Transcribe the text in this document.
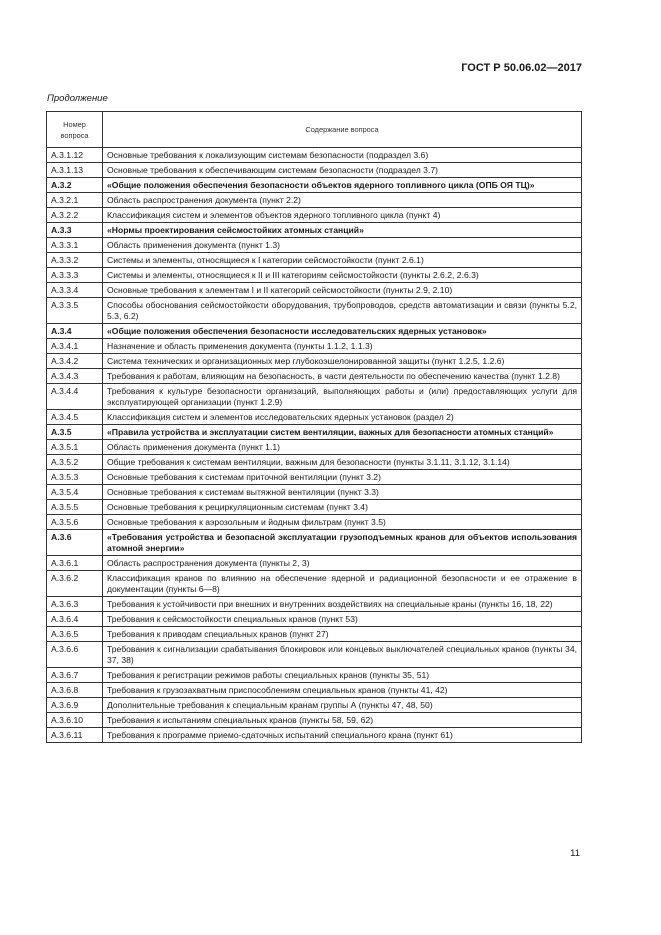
ГОСТ Р 50.06.02—2017
Продолжение
Номер вопроса	Содержание вопроса
А.3.1.12	Основные требования к локализующим системам безопасности (подраздел 3.6)
А.3.1.13	Основные требования к обеспечивающим системам безопасности (подраздел 3.7)
А.3.2	«Общие положения обеспечения безопасности объектов ядерного топливного цикла (ОПБ ОЯ ТЦ)»
А.3.2.1	Область распространения документа (пункт 2.2)
А.3.2.2	Классификация систем и элементов объектов ядерного топливного цикла (пункт 4)
А.3.3	«Нормы проектирования сейсмостойких атомных станций»
А.3.3.1	Область применения документа (пункт 1.3)
А.3.3.2	Системы и элементы, относящиеся к I категории сейсмостойкости (пункт 2.6.1)
А.3.3.3	Системы и элементы, относящиеся к II и III категориям сейсмостойкости (пункты 2.6.2, 2.6.3)
А.3.3.4	Основные требования к элементам I и II категорий сейсмостойкости (пункты 2.9, 2.10)
А.3.3.5	Способы обоснования сейсмостойкости оборудования, трубопроводов, средств автоматизации и связи (пункты 5.2, 5.3, 6.2)
А.3.4	«Общие положения обеспечения безопасности исследовательских ядерных установок»
А.3.4.1	Назначение и область применения документа (пункты 1.1.2, 1.1.3)
А.3.4.2	Система технических и организационных мер глубокоэшелонированной защиты (пункт 1.2.5, 1.2.6)
А.3.4.3	Требования к работам, влияющим на безопасность, в части деятельности по обеспечению качества (пункт 1.2.8)
А.3.4.4	Требования к культуре безопасности организаций, выполняющих работы и (или) предоставляющих услуги для эксплуатирующей организации (пункт 1.2.9)
А.3.4.5	Классификация систем и элементов исследовательских ядерных установок (раздел 2)
А.3.5	«Правила устройства и эксплуатации систем вентиляции, важных для безопасности атомных станций»
А.3.5.1	Область применения документа (пункт 1.1)
А.3.5.2	Общие требования к системам вентиляции, важным для безопасности (пункты 3.1.11, 3.1.12, 3.1.14)
А.3.5.3	Основные требования к системам приточной вентиляции (пункт 3.2)
А.3.5.4	Основные требования к системам вытяжной вентиляции (пункт 3.3)
А.3.5.5	Основные требования к рециркуляционным системам (пункт 3.4)
А.3.5.6	Основные требования к аэрозольным и йодным фильтрам (пункт 3.5)
А.3.6	«Требования устройства и безопасной эксплуатации грузоподъемных кранов для объектов использования атомной энергии»
А.3.6.1	Область распространения документа (пункты 2, 3)
А.3.6.2	Классификация кранов по влиянию на обеспечение ядерной и радиационной безопасности и ее отражение в документации (пункты 6—8)
А.3.6.3	Требования к устойчивости при внешних и внутренних воздействиях на специальные краны (пункты 16, 18, 22)
А.3.6.4	Требования к сейсмостойкости специальных кранов (пункт 53)
А.3.6.5	Требования к приводам специальных кранов (пункт 27)
А.3.6.6	Требования к сигнализации срабатывания блокировок или концевых выключателей специальных кранов (пункты 34, 37, 38)
А.3.6.7	Требования к регистрации режимов работы специальных кранов (пункты 35, 51)
А.3.6.8	Требования к грузозахватным приспособлениям специальных кранов (пункты 41, 42)
А.3.6.9	Дополнительные требования к специальным кранам группы А (пункты 47, 48, 50)
А.3.6.10	Требования к испытаниям специальных кранов (пункты 58, 59, 62)
А.3.6.11	Требования к программе приемо-сдаточных испытаний специального крана (пункт 61)
11
